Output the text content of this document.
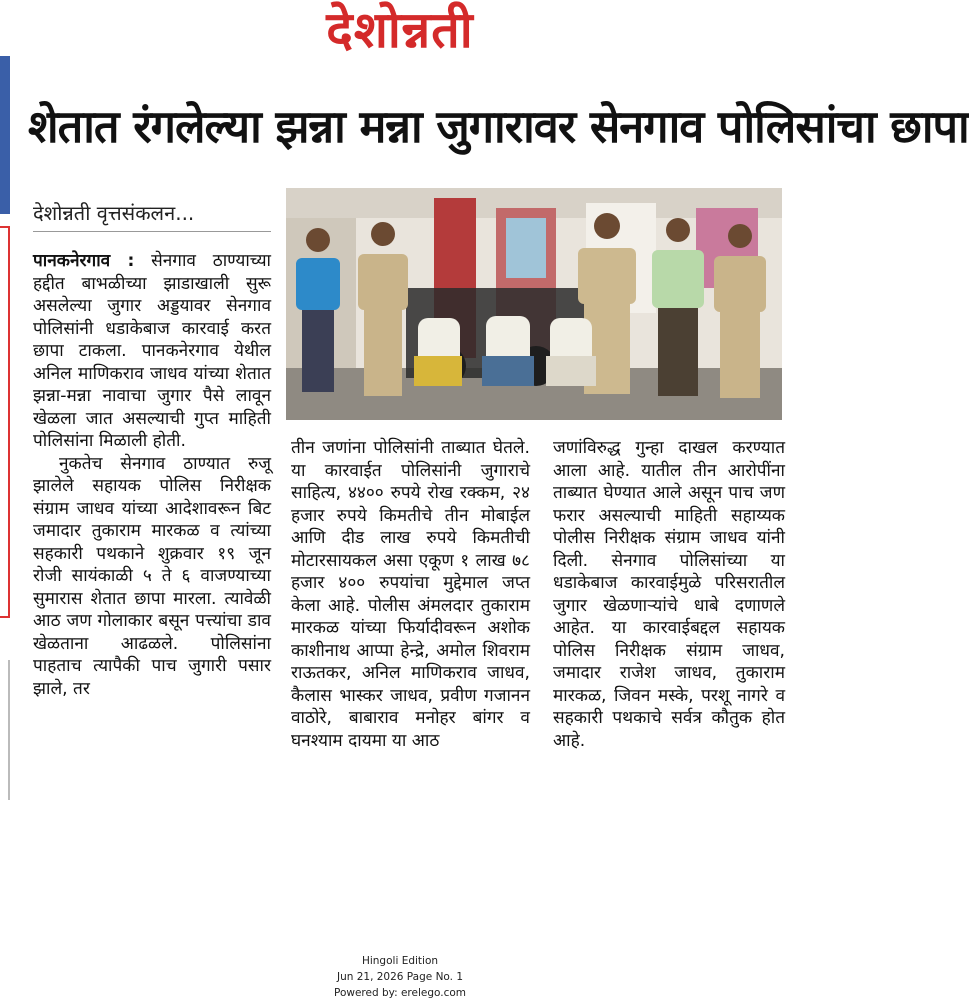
देशोन्नती
शेतात रंगलेल्या झन्ना मन्ना जुगारावर सेनगाव पोलिसांचा छापा
देशोन्नती वृत्तसंकलन...

पानकनेरगाव : सेनगाव ठाण्याच्या हद्दीत बाभळीच्या झाडाखाली सुरू असलेल्या जुगार अड्डयावर सेनगाव पोलिसांनी धडाकेबाज कारवाई करत छापा टाकला. पानकनेरगाव येथील अनिल माणिकराव जाधव यांच्या शेतात झन्ना-मन्ना नावाचा जुगार पैसे लावून खेळला जात असल्याची गुप्त माहिती पोलिसांना मिळाली होती.

नुकतेच सेनगाव ठाण्यात रुजू झालेले सहायक पोलिस निरीक्षक संग्राम जाधव यांच्या आदेशावरून बिट जमादार तुकाराम मारकळ व त्यांच्या सहकारी पथकाने शुक्रवार १९ जून रोजी सायंकाळी ५ ते ६ वाजण्याच्या सुमारास शेतात छापा मारला. त्यावेळी आठ जण गोलाकार बसून पत्त्यांचा डाव खेळताना आढळले. पोलिसांना पाहताच त्यापैकी पाच जुगारी पसार झाले, तर

तीन जणांना पोलिसांनी ताब्यात घेतले. या कारवाईत पोलिसांनी जुगाराचे साहित्य, ४४०० रुपये रोख रक्कम, २४ हजार रुपये किमतीचे तीन मोबाईल आणि दीड लाख रुपये किमतीची मोटारसायकल असा एकूण १ लाख ७८ हजार ४०० रुपयांचा मुद्देमाल जप्त केला आहे. पोलीस अंमलदार तुकाराम मारकळ यांच्या फिर्यादीवरून अशोक काशीनाथ आप्पा हेन्द्रे, अमोल शिवराम राऊतकर, अनिल माणिकराव जाधव, कैलास भास्कर जाधव, प्रवीण गजानन वाठोरे, बाबाराव मनोहर बांगर व घनश्याम दायमा या आठ

जणांविरुद्ध गुन्हा दाखल करण्यात आला आहे. यातील तीन आरोपींना ताब्यात घेण्यात आले असून पाच जण फरार असल्याची माहिती सहाय्यक पोलीस निरीक्षक संग्राम जाधव यांनी दिली. सेनगाव पोलिसांच्या या धडाकेबाज कारवाईमुळे परिसरातील जुगार खेळणाऱ्यांचे धाबे दणाणले आहेत. या कारवाईबद्दल सहायक पोलिस निरीक्षक संग्राम जाधव, जमादार राजेश जाधव, तुकाराम मारकळ, जिवन मस्के, परशू नागरे व सहकारी पथकाचे सर्वत्र कौतुक होत आहे.

Hingoli Edition
Jun 21, 2026 Page No. 1
Powered by: erelego.com
